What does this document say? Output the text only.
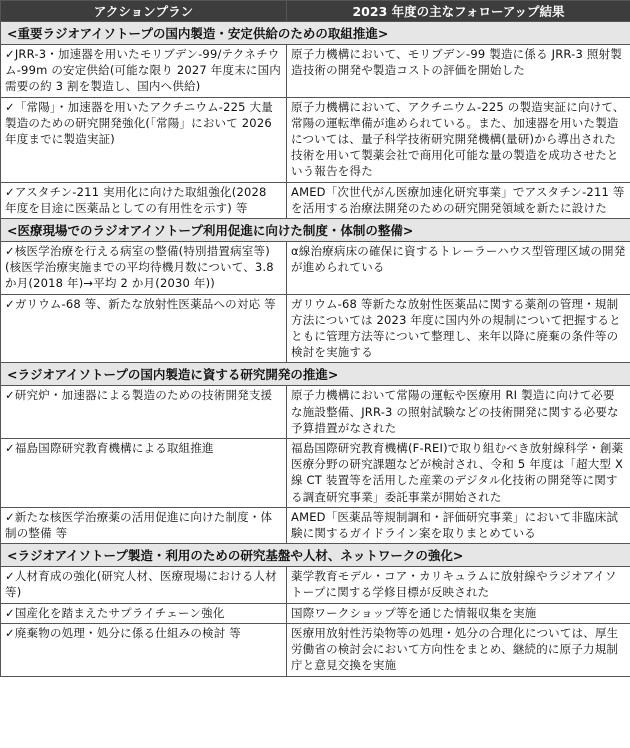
アクションプラン	2023 年度の主なフォローアップ結果
<重要ラジオアイソトープの国内製造・安定供給のための取組推進>	
✓JRR-3・加速器を用いたモリブデン-99/テクネチウム-99m の安定供給(可能な限り 2027 年度末に国内需要の約 3 割を製造し、国内へ供給)	原子力機構において、モリブデン-99 製造に係る JRR-3 照射製造技術の開発や製造コストの評価を開始した
✓「常陽」・加速器を用いたアクチニウム-225 大量製造のための研究開発強化(「常陽」において 2026 年度までに製造実証)	原子力機構において、アクチニウム-225 の製造実証に向けて、常陽の運転準備が進められている。また、加速器を用いた製造については、量子科学技術研究開発機構(量研)から導出された技術を用いて製薬会社で商用化可能な量の製造を成功させたという報告を得た
✓アスタチン-211 実用化に向けた取組強化(2028 年度を目途に医薬品としての有用性を示す) 等	AMED「次世代がん医療加速化研究事業」でアスタチン-211 等を活用する治療法開発のための研究開発領域を新たに設けた
<医療現場でのラジオアイソトープ利用促進に向けた制度・体制の整備>	
✓核医学治療を行える病室の整備(特別措置病室等)(核医学治療実施までの平均待機月数について、3.8 か月(2018 年)→平均 2 か月(2030 年))	α線治療病床の確保に資するトレーラーハウス型管理区域の開発が進められている
✓ガリウム-68 等、新たな放射性医薬品への対応 等	ガリウム-68 等新たな放射性医薬品に関する薬剤の管理・規制方法については 2023 年度に国内外の規制について把握するとともに管理方法等について整理し、来年以降に廃棄の条件等の検討を実施する
<ラジオアイソトープの国内製造に資する研究開発の推進>	
✓研究炉・加速器による製造のための技術開発支援	原子力機構において常陽の運転や医療用 RI 製造に向けて必要な施設整備、JRR-3 の照射試験などの技術開発に関する必要な予算措置がなされた
✓福島国際研究教育機構による取組推進	福島国際研究教育機構(F-REI)で取り組むべき放射線科学・創薬医療分野の研究課題などが検討され、令和 5 年度は「超大型 X 線 CT 装置等を活用した産業のデジタル化技術の開発等に関する調査研究事業」委託事業が開始された
✓新たな核医学治療薬の活用促進に向けた制度・体制の整備 等	AMED「医薬品等規制調和・評価研究事業」において非臨床試験に関するガイドライン案を取りまとめている
<ラジオアイソトープ製造・利用のための研究基盤や人材、ネットワークの強化>	
✓人材育成の強化(研究人材、医療現場における人材 等)	薬学教育モデル・コア・カリキュラムに放射線やラジオアイソトープに関する学修目標が反映された
✓国産化を踏まえたサプライチェーン強化	国際ワークショップ等を通じた情報収集を実施
✓廃棄物の処理・処分に係る仕組みの検討 等	医療用放射性汚染物等の処理・処分の合理化については、厚生労働省の検討会において方向性をまとめ、継続的に原子力規制庁と意見交換を実施
